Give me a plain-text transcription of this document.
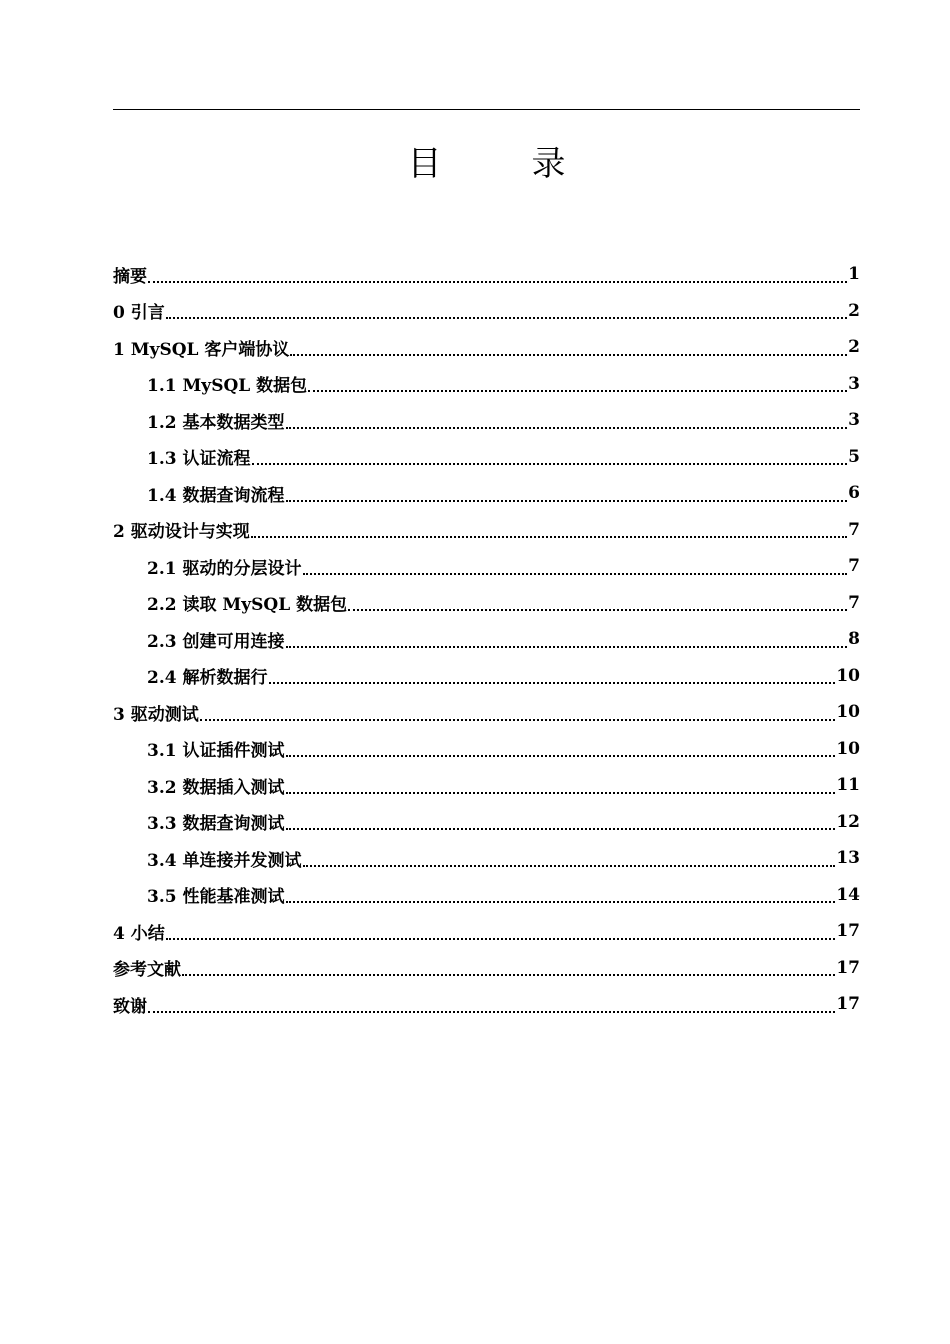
目　录
摘要	1
0 引言	2
1 MySQL 客户端协议	2
1.1 MySQL 数据包	3
1.2 基本数据类型	3
1.3 认证流程	5
1.4 数据查询流程	6
2 驱动设计与实现	7
2.1 驱动的分层设计	7
2.2 读取 MySQL 数据包	7
2.3 创建可用连接	8
2.4 解析数据行	10
3 驱动测试	10
3.1 认证插件测试	10
3.2 数据插入测试	11
3.3 数据查询测试	12
3.4 单连接并发测试	13
3.5 性能基准测试	14
4 小结	17
参考文献	17
致谢	17
